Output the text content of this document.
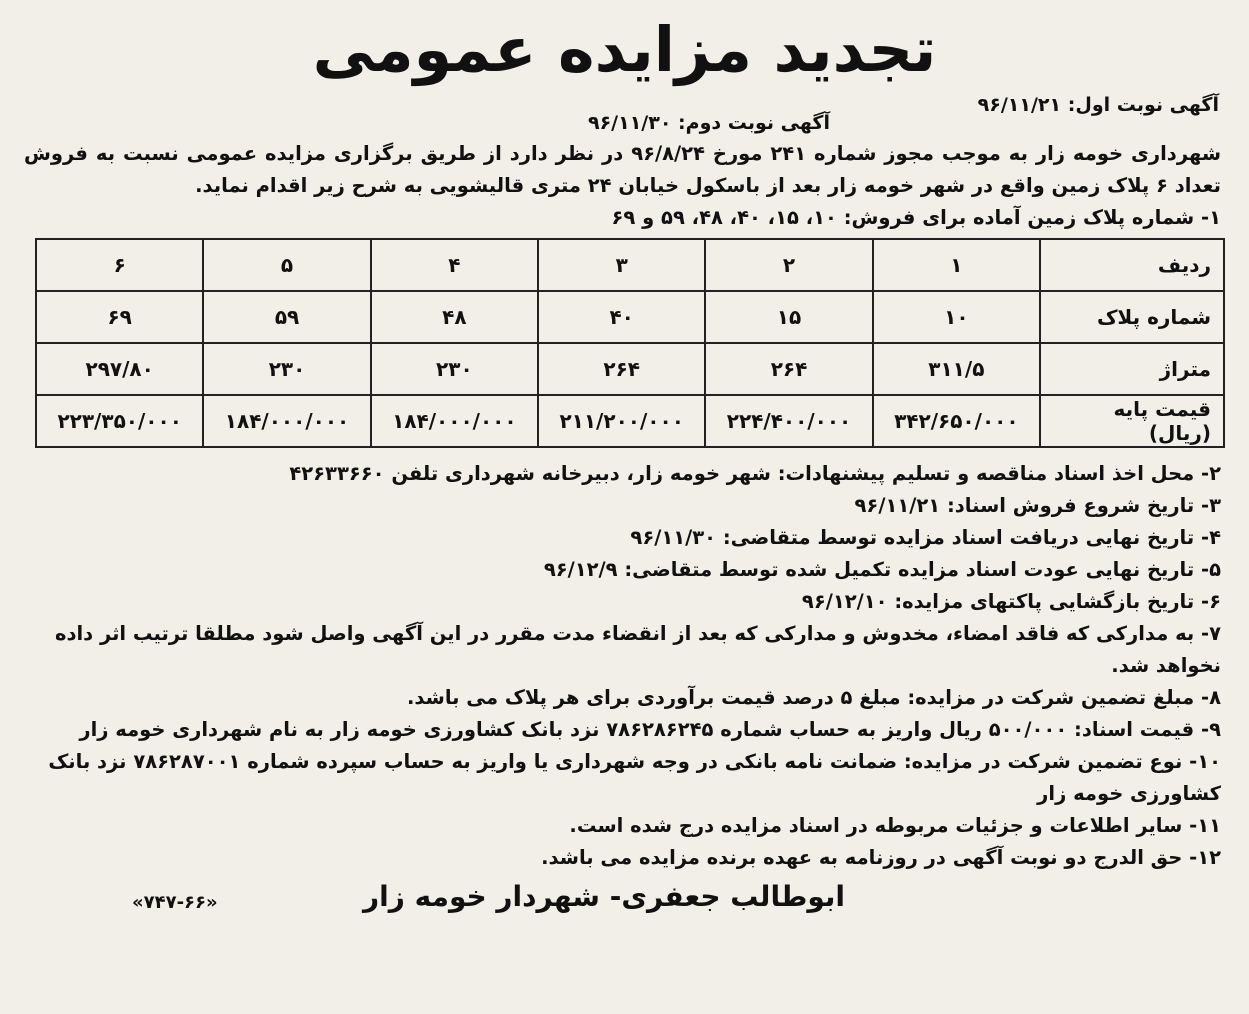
تجدید مزایده عمومی
آگهی نوبت اول: ۹۶/۱۱/۲۱
آگهی نوبت دوم: ۹۶/۱۱/۳۰

شهرداری خومه زار به موجب مجوز شماره ۲۴۱ مورخ ۹۶/۸/۲۴ در نظر دارد از طریق برگزاری مزایده عمومی نسبت به فروش تعداد ۶ پلاک زمین واقع در شهر خومه زار بعد از باسکول خیابان ۲۴ متری قالیشویی به شرح زیر اقدام نماید.

۱- شماره پلاک زمین آماده برای فروش: ۱۰، ۱۵، ۴۰، ۴۸، ۵۹ و ۶۹

ردیف	۱	۲	۳	۴	۵	۶
شماره پلاک	۱۰	۱۵	۴۰	۴۸	۵۹	۶۹
متراژ	۳۱۱/۵	۲۶۴	۲۶۴	۲۳۰	۲۳۰	۲۹۷/۸۰
قیمت پایه (ریال)	۳۴۲/۶۵۰/۰۰۰	۲۲۴/۴۰۰/۰۰۰	۲۱۱/۲۰۰/۰۰۰	۱۸۴/۰۰۰/۰۰۰	۱۸۴/۰۰۰/۰۰۰	۲۲۳/۳۵۰/۰۰۰

۲- محل اخذ اسناد مناقصه و تسلیم پیشنهادات: شهر خومه زار، دبیرخانه شهرداری تلفن ۴۲۶۳۳۶۶۰

۳- تاریخ شروع فروش اسناد: ۹۶/۱۱/۲۱

۴- تاریخ نهایی دریافت اسناد مزایده توسط متقاضی: ۹۶/۱۱/۳۰

۵- تاریخ نهایی عودت اسناد مزایده تکمیل شده توسط متقاضی: ۹۶/۱۲/۹

۶- تاریخ بازگشایی پاکتهای مزایده: ۹۶/۱۲/۱۰

۷- به مدارکی که فاقد امضاء، مخدوش و مدارکی که بعد از انقضاء مدت مقرر در این آگهی واصل شود مطلقا ترتیب اثر داده نخواهد شد.

۸- مبلغ تضمین شرکت در مزایده: مبلغ ۵ درصد قیمت برآوردی برای هر پلاک می باشد.

۹- قیمت اسناد: ۵۰۰/۰۰۰ ریال واریز به حساب شماره ۷۸۶۲۸۶۲۴۵ نزد بانک کشاورزی خومه زار به نام شهرداری خومه زار

۱۰- نوع تضمین شرکت در مزایده: ضمانت نامه بانکی در وجه شهرداری یا واریز به حساب سپرده شماره ۷۸۶۲۸۷۰۰۱ نزد بانک کشاورزی خومه زار

۱۱- سایر اطلاعات و جزئیات مربوطه در اسناد مزایده درج شده است.

۱۲- حق الدرج دو نوبت آگهی در روزنامه به عهده برنده مزایده می باشد.

ابوطالب جعفری- شهردار خومه زار
«۷۴۷-۶۶»
